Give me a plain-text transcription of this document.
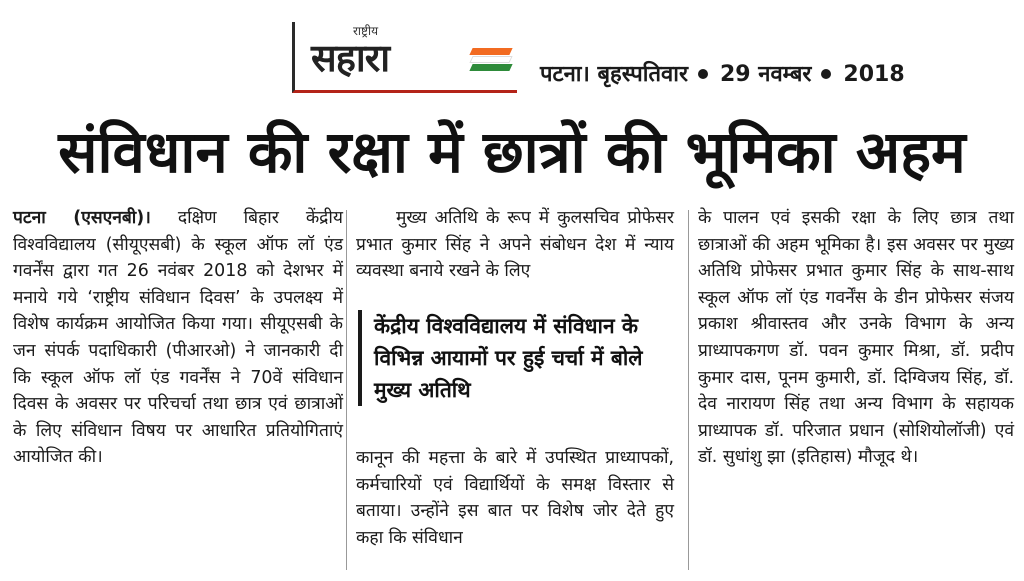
राष्ट्रीय
सहारा	पटना। बृहस्पतिवार 29 नवम्बर 2018
संविधान की रक्षा में छात्रों की भूमिका अहम

पटना (एसएनबी)। दक्षिण बिहार केंद्रीय विश्वविद्यालय (सीयूएसबी) के स्कूल ऑफ लॉ एंड गवर्नेंस द्वारा गत 26 नवंबर 2018 को देशभर में मनाये गये ‘राष्ट्रीय संविधान दिवस’ के उपलक्ष्य में विशेष कार्यक्रम आयोजित किया गया। सीयूएसबी के जन संपर्क पदाधिकारी (पीआरओ) ने जानकारी दी कि स्कूल ऑफ लॉ एंड गवर्नेंस ने 70वें संविधान दिवस के अवसर पर परिचर्चा तथा छात्र एवं छात्राओं के लिए संविधान विषय पर आधारित प्रतियोगिताएं आयोजित की।

मुख्य अतिथि के रूप में कुलसचिव प्रोफेसर प्रभात कुमार सिंह ने अपने संबोधन देश में न्याय व्यवस्था बनाये रखने के लिए

केंद्रीय विश्वविद्यालय में संविधान के विभिन्न आयामों पर हुई चर्चा में बोले मुख्य अतिथि

कानून की महत्ता के बारे में उपस्थित प्राध्यापकों, कर्मचारियों एवं विद्यार्थियों के समक्ष विस्तार से बताया। उन्होंने इस बात पर विशेष जोर देते हुए कहा कि संविधान

के पालन एवं इसकी रक्षा के लिए छात्र तथा छात्राओं की अहम भूमिका है। इस अवसर पर मुख्य अतिथि प्रोफेसर प्रभात कुमार सिंह के साथ-साथ स्कूल ऑफ लॉ एंड गवर्नेंस के डीन प्रोफेसर संजय प्रकाश श्रीवास्तव और उनके विभाग के अन्य प्राध्यापकगण डॉ. पवन कुमार मिश्रा, डॉ. प्रदीप कुमार दास, पूनम कुमारी, डॉ. दिग्विजय सिंह, डॉ. देव नारायण सिंह तथा अन्य विभाग के सहायक प्राध्यापक डॉ. परिजात प्रधान (सोशियोलॉजी) एवं डॉ. सुधांशु झा (इतिहास) मौजूद थे।
